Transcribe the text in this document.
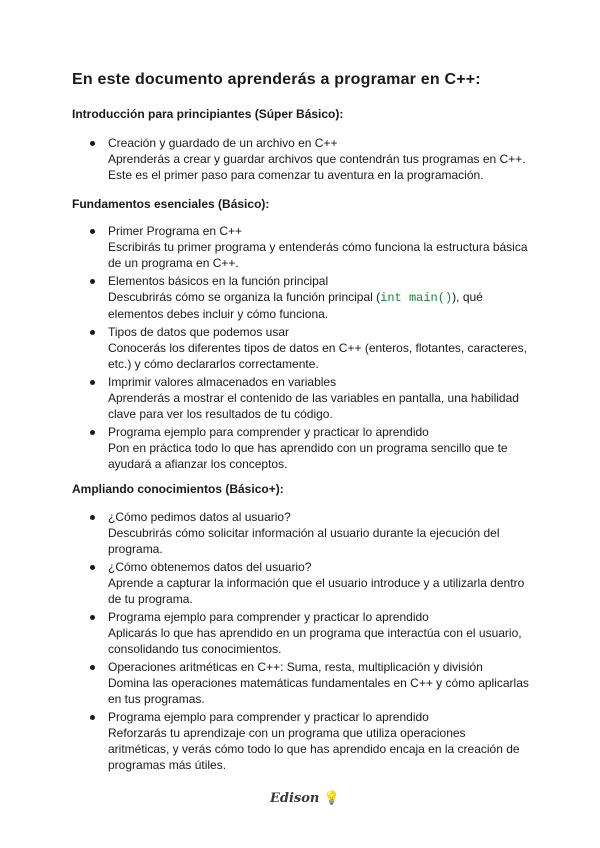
En este documento aprenderás a programar en C++:
Introducción para principiantes (Súper Básico):
Creación y guardado de un archivo en C++
Aprenderás a crear y guardar archivos que contendrán tus programas en C++. Este es el primer paso para comenzar tu aventura en la programación.
Fundamentos esenciales (Básico):
Primer Programa en C++
Escribirás tu primer programa y entenderás cómo funciona la estructura básica de un programa en C++.
Elementos básicos en la función principal
Descubrirás cómo se organiza la función principal (int main()), qué elementos debes incluir y cómo funciona.
Tipos de datos que podemos usar
Conocerás los diferentes tipos de datos en C++ (enteros, flotantes, caracteres, etc.) y cómo declararlos correctamente.
Imprimir valores almacenados en variables
Aprenderás a mostrar el contenido de las variables en pantalla, una habilidad clave para ver los resultados de tu código.
Programa ejemplo para comprender y practicar lo aprendido
Pon en práctica todo lo que has aprendido con un programa sencillo que te ayudará a afianzar los conceptos.
Ampliando conocimientos (Básico+):
¿Cómo pedimos datos al usuario?
Descubrirás cómo solicitar información al usuario durante la ejecución del programa.
¿Cómo obtenemos datos del usuario?
Aprende a capturar la información que el usuario introduce y a utilizarla dentro de tu programa.
Programa ejemplo para comprender y practicar lo aprendido
Aplicarás lo que has aprendido en un programa que interactúa con el usuario, consolidando tus conocimientos.
Operaciones aritméticas en C++: Suma, resta, multiplicación y división
Domina las operaciones matemáticas fundamentales en C++ y cómo aplicarlas en tus programas.
Programa ejemplo para comprender y practicar lo aprendido
Reforzarás tu aprendizaje con un programa que utiliza operaciones aritméticas, y verás cómo todo lo que has aprendido encaja en la creación de programas más útiles.
Edison 💡
